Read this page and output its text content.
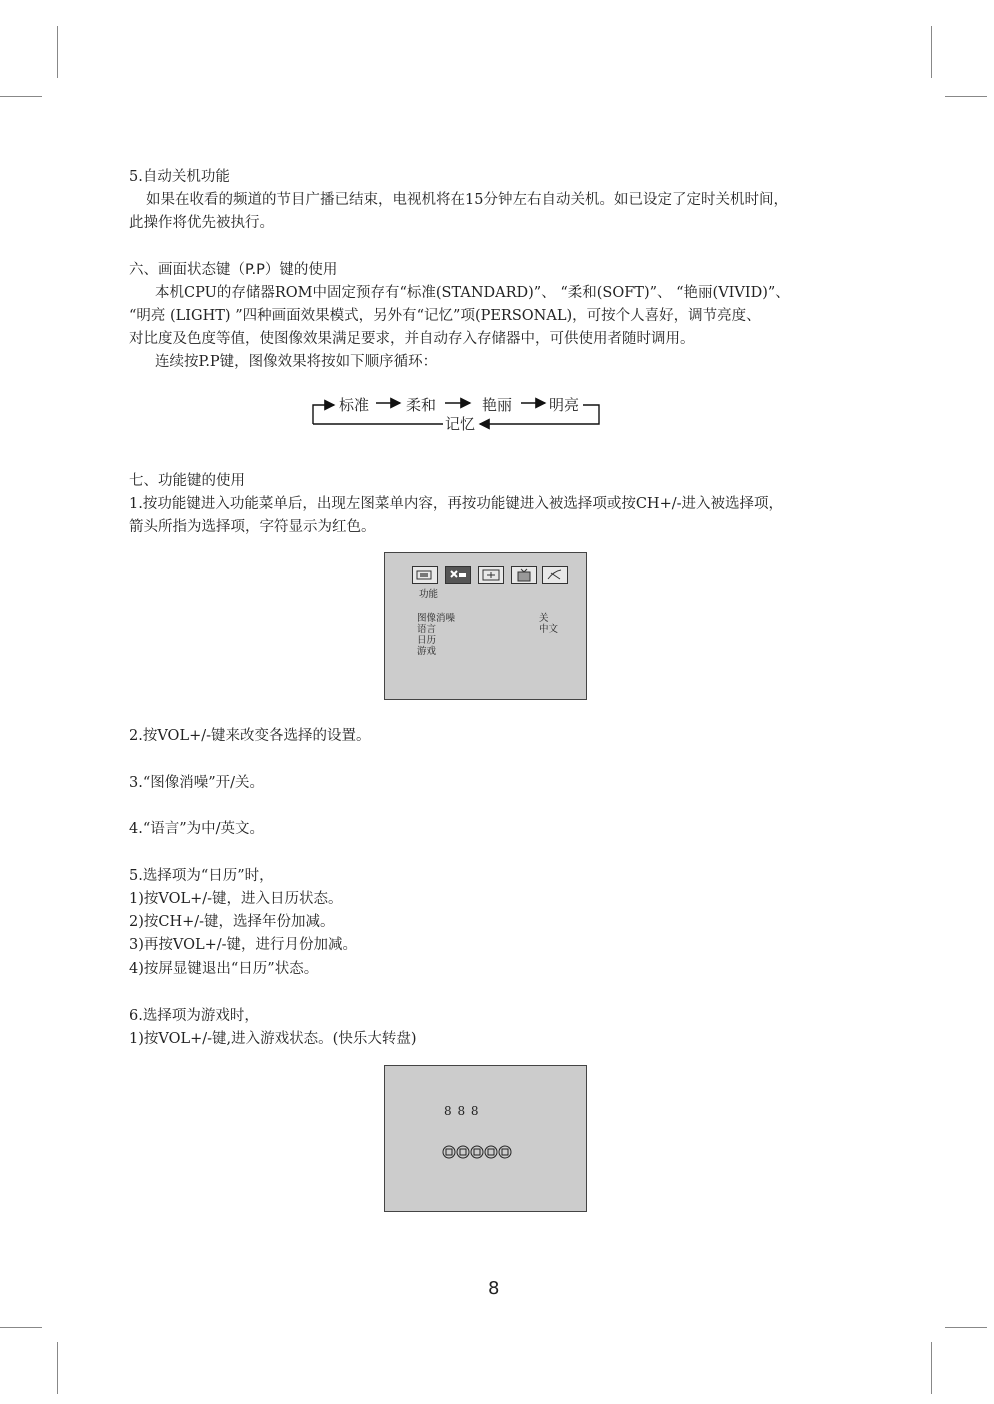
5.自动关机功能
如果在收看的频道的节目广播已结束，电视机将在15分钟左右自动关机。如已设定了定时关机时间，
此操作将优先被执行。
六、画面状态键（P.P）键的使用
本机CPU的存储器ROM中固定预存有“标准(STANDARD)”、 “柔和(SOFT)”、 “艳丽(VIVID)”、
“明亮 (LIGHT) ”四种画面效果模式，另外有“记忆”项(PERSONAL)，可按个人喜好，调节亮度、
对比度及色度等值，使图像效果满足要求，并自动存入存储器中，可供使用者随时调用。
连续按P.P键，图像效果将按如下顺序循环：
标准 柔和	艳丽 明亮
记忆
七、功能键的使用
1.按功能键进入功能菜单后，出现左图菜单内容，再按功能键进入被选择项或按CH+/-进入被选择项，
箭头所指为选择项，字符显示为红色。
功能
图像消噪
语言
日历
游戏
关
中文
2.按VOL+/-键来改变各选择的设置。
3.“图像消噪”开/关。
4.“语言”为中/英文。
5.选择项为“日历”时，
1)按VOL+/-键，进入日历状态。
2)按CH+/-键，选择年份加减。
3)再按VOL+/-键，进行月份加减。
4)按屏显键退出“日历”状态。
6.选择项为游戏时，
1)按VOL+/-键,进入游戏状态。(快乐大转盘)
8 8 8
8
